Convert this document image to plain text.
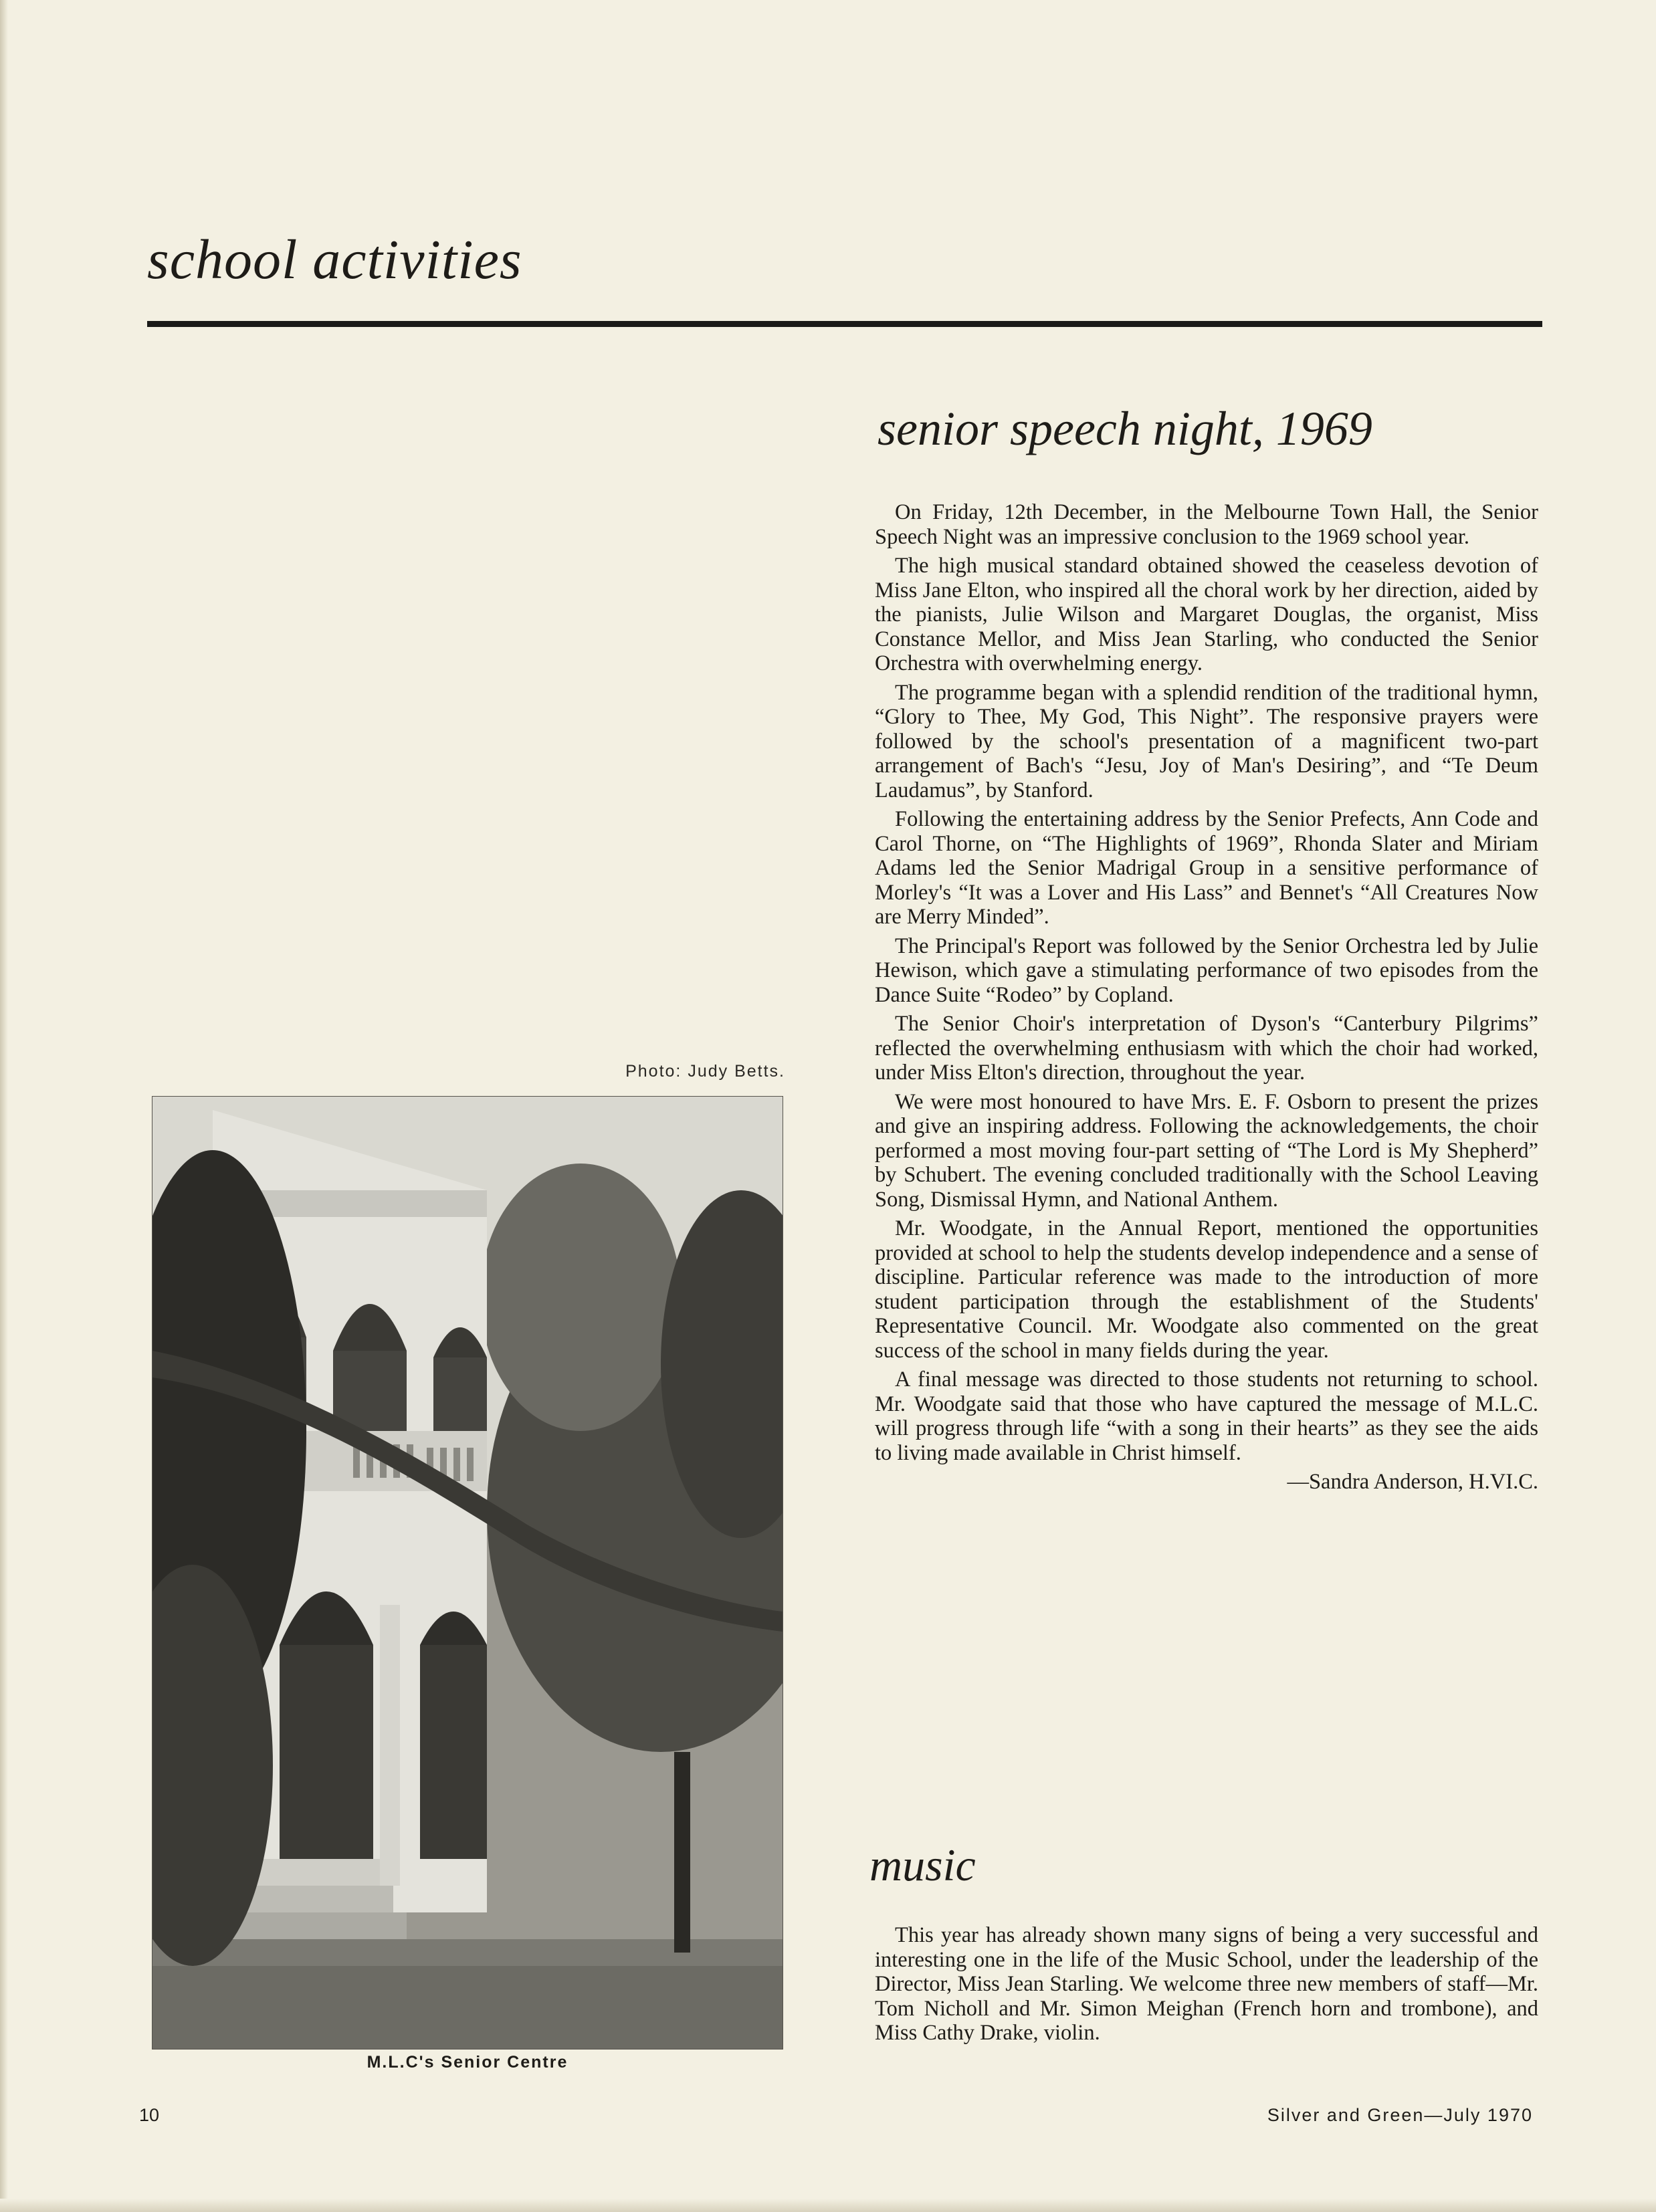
school activities
senior speech night, 1969

On Friday, 12th December, in the Melbourne Town Hall, the Senior Speech Night was an impressive conclusion to the 1969 school year.

The high musical standard obtained showed the ceaseless devotion of Miss Jane Elton, who inspired all the choral work by her direction, aided by the pianists, Julie Wilson and Margaret Douglas, the organist, Miss Constance Mellor, and Miss Jean Starling, who conducted the Senior Orchestra with overwhelming energy.

The programme began with a splendid rendition of the traditional hymn, “Glory to Thee, My God, This Night”. The responsive prayers were followed by the school's presentation of a magnificent two-part arrangement of Bach's “Jesu, Joy of Man's Desiring”, and “Te Deum Laudamus”, by Stanford.

Following the entertaining address by the Senior Prefects, Ann Code and Carol Thorne, on “The Highlights of 1969”, Rhonda Slater and Miriam Adams led the Senior Madrigal Group in a sensitive performance of Morley's “It was a Lover and His Lass” and Bennet's “All Creatures Now are Merry Minded”.

The Principal's Report was followed by the Senior Orchestra led by Julie Hewison, which gave a stimulating performance of two episodes from the Dance Suite “Rodeo” by Copland.

The Senior Choir's interpretation of Dyson's “Canterbury Pilgrims” reflected the overwhelming enthusiasm with which the choir had worked, under Miss Elton's direction, throughout the year.

We were most honoured to have Mrs. E. F. Osborn to present the prizes and give an inspiring address. Following the acknowledgements, the choir performed a most moving four-part setting of “The Lord is My Shepherd” by Schubert. The evening concluded traditionally with the School Leaving Song, Dismissal Hymn, and National Anthem.

Mr. Woodgate, in the Annual Report, mentioned the opportunities provided at school to help the students develop independence and a sense of discipline. Particular reference was made to the introduction of more student participation through the establishment of the Students' Representative Council. Mr. Woodgate also commented on the great success of the school in many fields during the year.

A final message was directed to those students not returning to school. Mr. Woodgate said that those who have captured the message of M.L.C. will progress through life “with a song in their hearts” as they see the aids to living made available in Christ himself.

—Sandra Anderson, H.VI.C.

music

This year has already shown many signs of being a very successful and interesting one in the life of the Music School, under the leadership of the Director, Miss Jean Starling. We welcome three new members of staff—Mr. Tom Nicholl and Mr. Simon Meighan (French horn and trombone), and Miss Cathy Drake, violin.

Photo: Judy Betts.
M.L.C's Senior Centre
10	Silver and Green—July 1970
